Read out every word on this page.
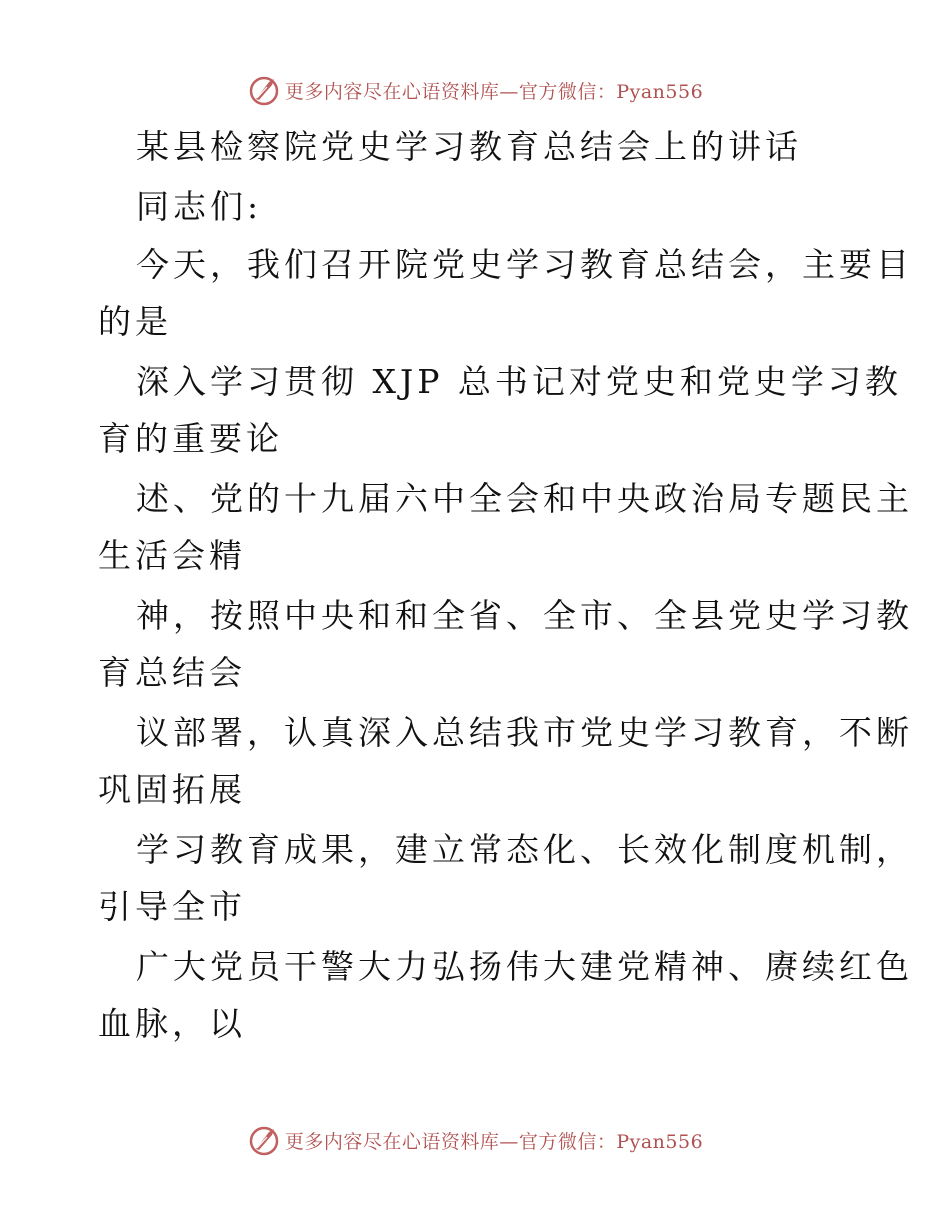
更多内容尽在心语资料库—官方微信：Pyan556
某县检察院党史学习教育总结会上的讲话
同志们:
今天，我们召开院党史学习教育总结会，主要目
的是
深入学习贯彻 XJP 总书记对党史和党史学习教
育的重要论
述、党的十九届六中全会和中央政治局专题民主
生活会精
神，按照中央和和全省、全市、全县党史学习教
育总结会
议部署，认真深入总结我市党史学习教育，不断
巩固拓展
学习教育成果，建立常态化、长效化制度机制，
引导全市
广大党员干警大力弘扬伟大建党精神、赓续红色
血脉，以
更多内容尽在心语资料库—官方微信：Pyan556
